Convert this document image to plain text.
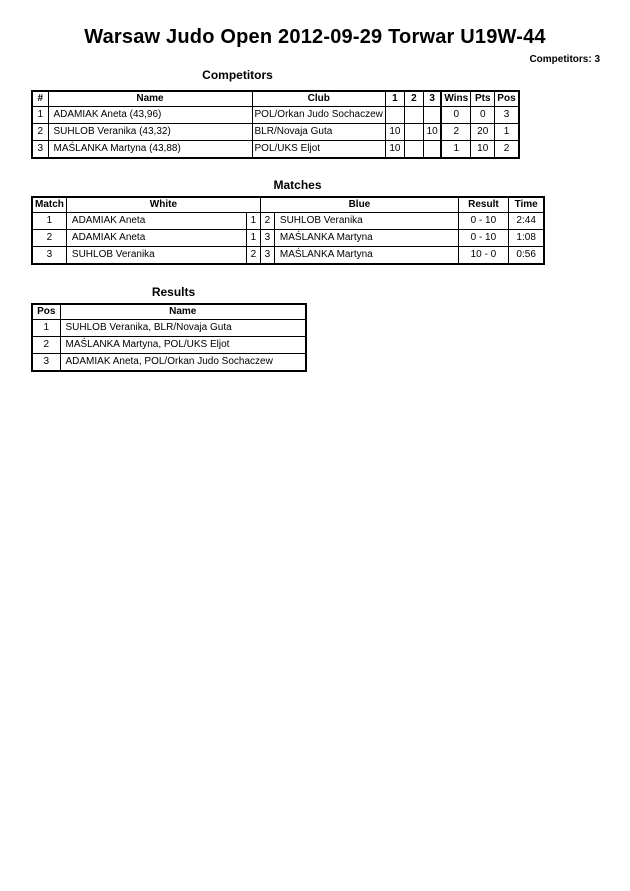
Warsaw Judo Open 2012-09-29 Torwar U19W-44
Competitors: 3
Competitors
#	Name	Club	1	2	3	Wins	Pts	Pos
1	ADAMIAK Aneta (43,96)	POL/Orkan Judo Sochaczew				0	0	3
2	SUHLOB Veranika (43,32)	BLR/Novaja Guta	10		10	2	20	1
3	MAŚLANKA Martyna (43,88)	POL/UKS Eljot	10			1	10	2
Matches
Match	White		Blue		Result	Time
1	ADAMIAK Aneta	1	2	SUHLOB Veranika	0 - 10	2:44
2	ADAMIAK Aneta	1	3	MAŚLANKA Martyna	0 - 10	1:08
3	SUHLOB Veranika	2	3	MAŚLANKA Martyna	10 - 0	0:56
Results
Pos	Name
1	SUHLOB Veranika, BLR/Novaja Guta
2	MAŚLANKA Martyna, POL/UKS Eljot
3	ADAMIAK Aneta, POL/Orkan Judo Sochaczew
